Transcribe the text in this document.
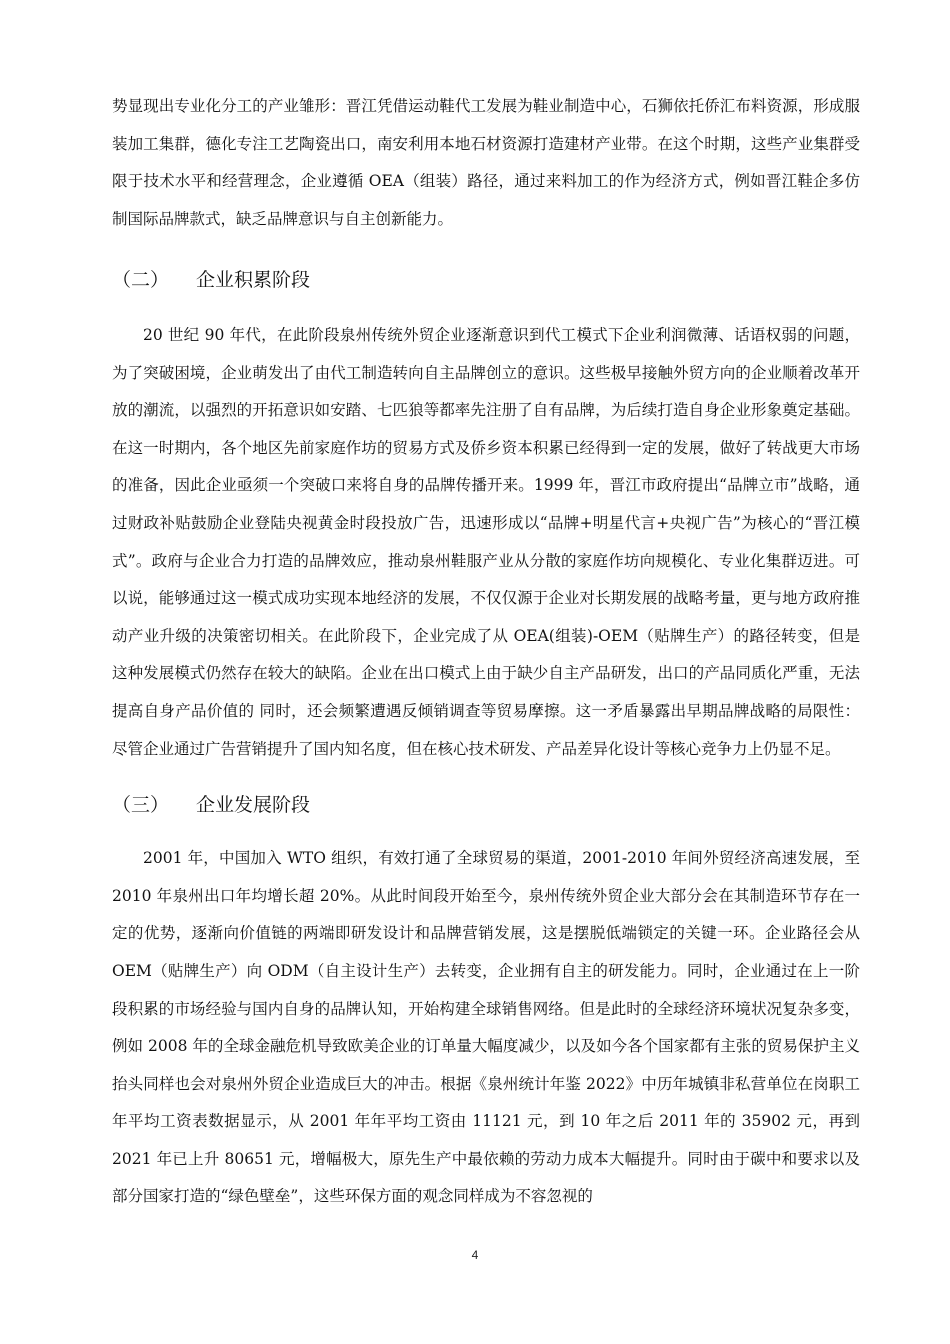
势显现出专业化分工的产业雏形：晋江凭借运动鞋代工发展为鞋业制造中心，石狮依托侨汇布料资源，形成服装加工集群，德化专注工艺陶瓷出口，南安利用本地石材资源打造建材产业带。在这个时期，这些产业集群受限于技术水平和经营理念，企业遵循 OEA（组装）路径，通过来料加工的作为经济方式，例如晋江鞋企多仿制国际品牌款式，缺乏品牌意识与自主创新能力。

（二） 企业积累阶段

20 世纪 90 年代，在此阶段泉州传统外贸企业逐渐意识到代工模式下企业利润微薄、话语权弱的问题，为了突破困境，企业萌发出了由代工制造转向自主品牌创立的意识。这些极早接触外贸方向的企业顺着改革开放的潮流，以强烈的开拓意识如安踏、七匹狼等都率先注册了自有品牌，为后续打造自身企业形象奠定基础。在这一时期内，各个地区先前家庭作坊的贸易方式及侨乡资本积累已经得到一定的发展，做好了转战更大市场的准备，因此企业亟须一个突破口来将自身的品牌传播开来。1999 年，晋江市政府提出“品牌立市”战略，通过财政补贴鼓励企业登陆央视黄金时段投放广告，迅速形成以“品牌+明星代言+央视广告”为核心的“晋江模式”。政府与企业合力打造的品牌效应，推动泉州鞋服产业从分散的家庭作坊向规模化、专业化集群迈进。可以说，能够通过这一模式成功实现本地经济的发展，不仅仅源于企业对长期发展的战略考量，更与地方政府推动产业升级的决策密切相关。在此阶段下，企业完成了从 OEA(组装)-OEM（贴牌生产）的路径转变，但是这种发展模式仍然存在较大的缺陷。企业在出口模式上由于缺少自主产品研发，出口的产品同质化严重，无法提高自身产品价值的 同时，还会频繁遭遇反倾销调查等贸易摩擦。这一矛盾暴露出早期品牌战略的局限性：尽管企业通过广告营销提升了国内知名度，但在核心技术研发、产品差异化设计等核心竞争力上仍显不足。

（三） 企业发展阶段

2001 年，中国加入 WTO 组织，有效打通了全球贸易的渠道，2001-2010 年间外贸经济高速发展，至 2010 年泉州出口年均增长超 20%。从此时间段开始至今，泉州传统外贸企业大部分会在其制造环节存在一定的优势，逐渐向价值链的两端即研发设计和品牌营销发展，这是摆脱低端锁定的关键一环。企业路径会从 OEM（贴牌生产）向 ODM（自主设计生产）去转变，企业拥有自主的研发能力。同时，企业通过在上一阶段积累的市场经验与国内自身的品牌认知，开始构建全球销售网络。但是此时的全球经济环境状况复杂多变，例如 2008 年的全球金融危机导致欧美企业的订单量大幅度减少，以及如今各个国家都有主张的贸易保护主义抬头同样也会对泉州外贸企业造成巨大的冲击。根据《泉州统计年鉴 2022》中历年城镇非私营单位在岗职工年平均工资表数据显示，从 2001 年年平均工资由 11121 元，到 10 年之后 2011 年的 35902 元，再到 2021 年已上升 80651 元，增幅极大，原先生产中最依赖的劳动力成本大幅提升。同时由于碳中和要求以及部分国家打造的“绿色壁垒”，这些环保方面的观念同样成为不容忽视的

4
